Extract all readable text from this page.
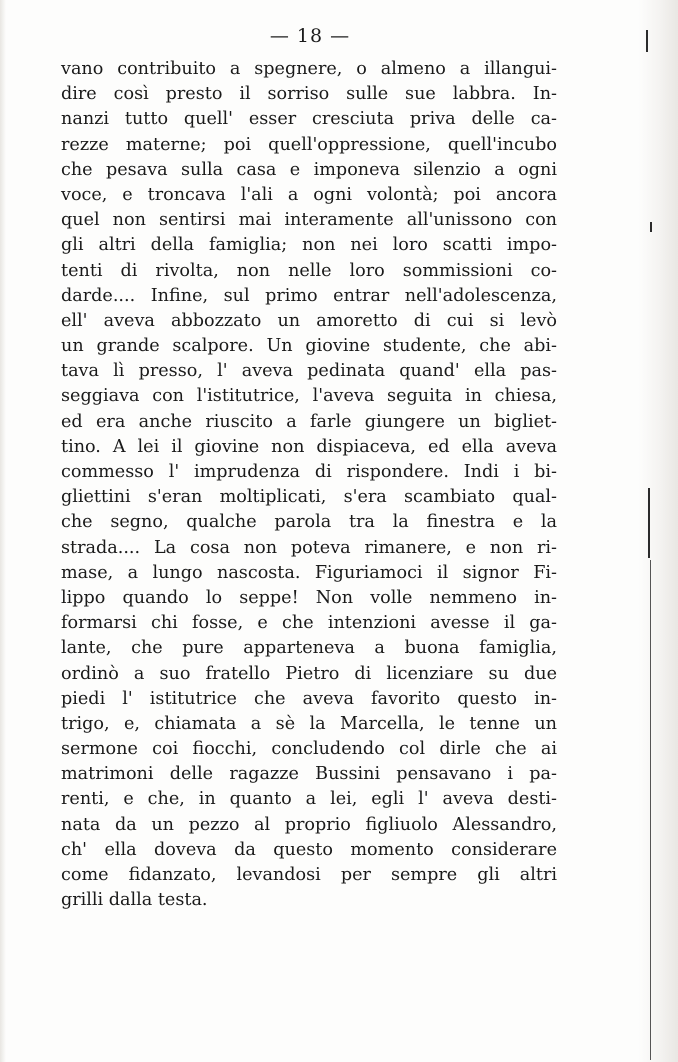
— 18 —
vano contribuito a spegnere, o almeno a illangui-
dire così presto il sorriso sulle sue labbra. In-
nanzi tutto quell' esser cresciuta priva delle ca-
rezze materne; poi quell'oppressione, quell'incubo
che pesava sulla casa e imponeva silenzio a ogni
voce, e troncava l'ali a ogni volontà; poi ancora
quel non sentirsi mai interamente all'unissono con
gli altri della famiglia; non nei loro scatti impo-
tenti di rivolta, non nelle loro sommissioni co-
darde.... Infine, sul primo entrar nell'adolescenza,
ell' aveva abbozzato un amoretto di cui si levò
un grande scalpore. Un giovine studente, che abi-
tava lì presso, l' aveva pedinata quand' ella pas-
seggiava con l'istitutrice, l'aveva seguita in chiesa,
ed era anche riuscito a farle giungere un bigliet-
tino. A lei il giovine non dispiaceva, ed ella aveva
commesso l' imprudenza di rispondere. Indi i bi-
gliettini s'eran moltiplicati, s'era scambiato qual-
che segno, qualche parola tra la finestra e la
strada.... La cosa non poteva rimanere, e non ri-
mase, a lungo nascosta. Figuriamoci il signor Fi-
lippo quando lo seppe! Non volle nemmeno in-
formarsi chi fosse, e che intenzioni avesse il ga-
lante, che pure apparteneva a buona famiglia,
ordinò a suo fratello Pietro di licenziare su due
piedi l' istitutrice che aveva favorito questo in-
trigo, e, chiamata a sè la Marcella, le tenne un
sermone coi fiocchi, concludendo col dirle che ai
matrimoni delle ragazze Bussini pensavano i pa-
renti, e che, in quanto a lei, egli l' aveva desti-
nata da un pezzo al proprio figliuolo Alessandro,
ch' ella doveva da questo momento considerare
come fidanzato, levandosi per sempre gli altri
grilli dalla testa.
